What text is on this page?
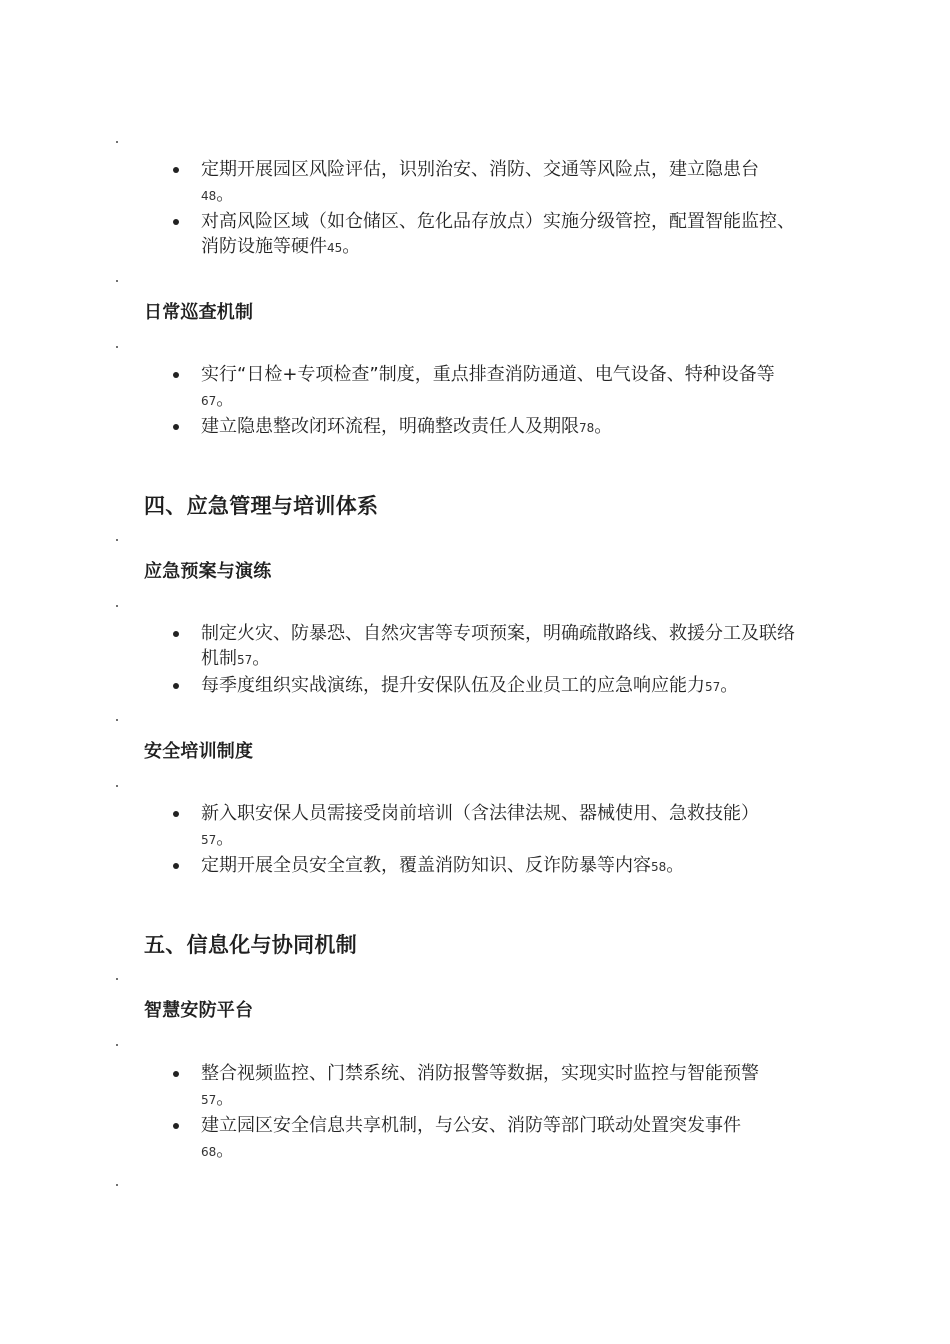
定期开展园区风险评估，识别治安、消防、交通等风险点，建立隐患台
48。
对高风险区域（如仓储区、危化品存放点）实施分级管控，配置智能监控、消防设施等硬件45。
日常巡查机制
实行“日检+专项检查”制度，重点排查消防通道、电气设备、特种设备等
67。
建立隐患整改闭环流程，明确整改责任人及期限78。
四、应急管理与培训体系
应急预案与演练
制定火灾、防暴恐、自然灾害等专项预案，明确疏散路线、救援分工及联络机制57。
每季度组织实战演练，提升安保队伍及企业员工的应急响应能力57。
安全培训制度
新入职安保人员需接受岗前培训（含法律法规、器械使用、急救技能）57。
定期开展全员安全宣教，覆盖消防知识、反诈防暴等内容58。
五、信息化与协同机制
智慧安防平台
整合视频监控、门禁系统、消防报警等数据，实现实时监控与智能预警
57。
建立园区安全信息共享机制，与公安、消防等部门联动处置突发事件
68。
